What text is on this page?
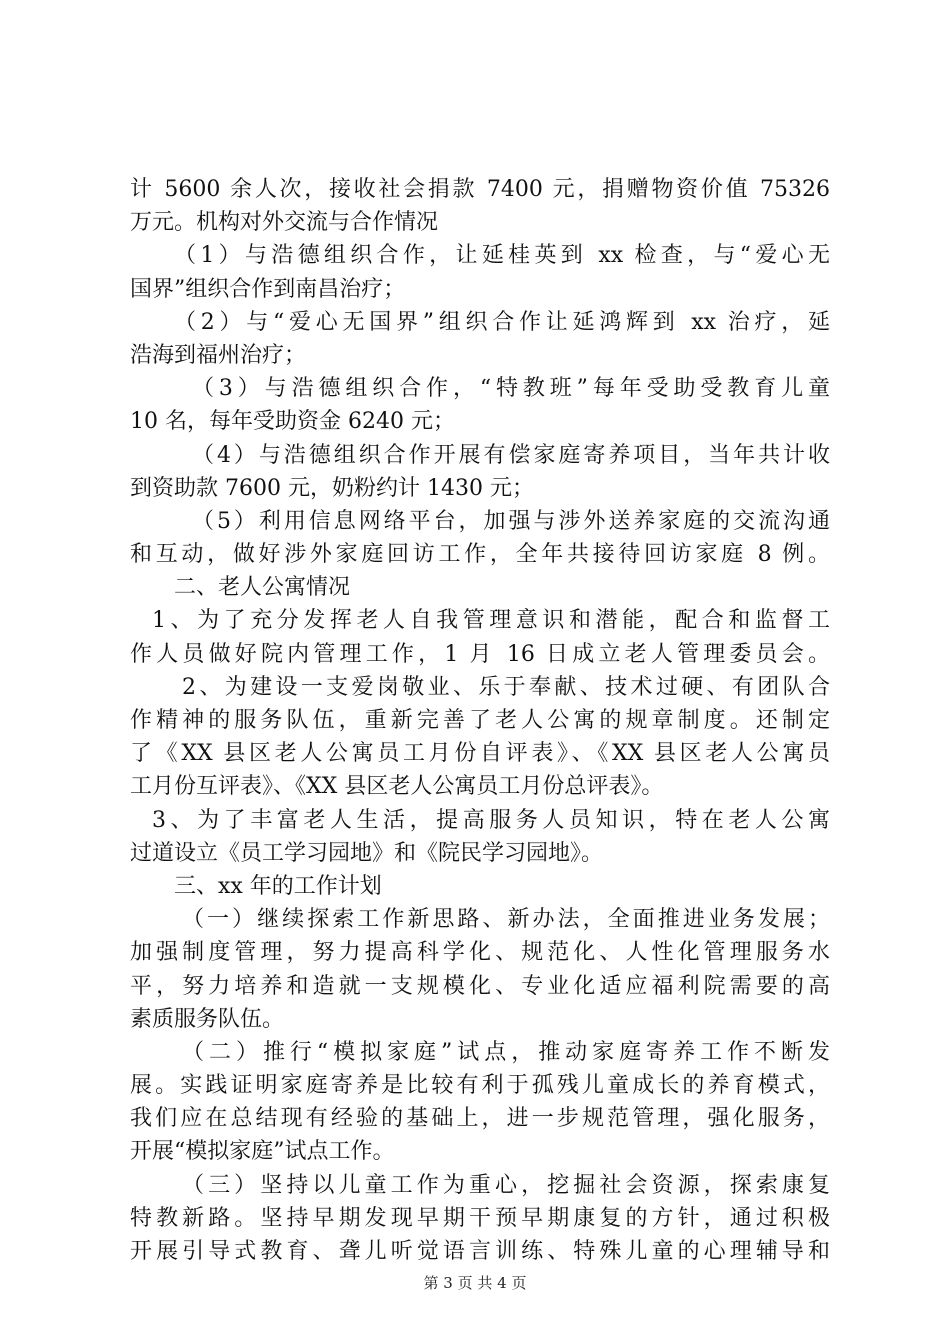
计 5600 余人次，接收社会捐款 7400 元，捐赠物资价值 75326

万元。机构对外交流与合作情况

（1）与浩德组织合作，让延桂英到 xx 检查，与“爱心无

国界”组织合作到南昌治疗；

（2）与“爱心无国界”组织合作让延鸿辉到 xx 治疗，延

浩海到福州治疗；

（3）与浩德组织合作，“特教班”每年受助受教育儿童

10 名，每年受助资金 6240 元；

（4）与浩德组织合作开展有偿家庭寄养项目，当年共计收

到资助款 7600 元，奶粉约计 1430 元；

（5）利用信息网络平台，加强与涉外送养家庭的交流沟通

和互动，做好涉外家庭回访工作，全年共接待回访家庭 8 例。

二、老人公寓情况

1、为了充分发挥老人自我管理意识和潜能，配合和监督工

作人员做好院内管理工作，1 月 16 日成立老人管理委员会。

2、为建设一支爱岗敬业、乐于奉献、技术过硬、有团队合

作精神的服务队伍，重新完善了老人公寓的规章制度。还制定

了《XX 县区老人公寓员工月份自评表》、《XX 县区老人公寓员

工月份互评表》、《XX 县区老人公寓员工月份总评表》。

3、为了丰富老人生活，提高服务人员知识，特在老人公寓

过道设立《员工学习园地》和《院民学习园地》。

三、xx 年的工作计划

（一）继续探索工作新思路、新办法，全面推进业务发展；

加强制度管理，努力提高科学化、规范化、人性化管理服务水

平，努力培养和造就一支规模化、专业化适应福利院需要的高

素质服务队伍。

（二）推行“模拟家庭”试点，推动家庭寄养工作不断发

展。实践证明家庭寄养是比较有利于孤残儿童成长的养育模式，

我们应在总结现有经验的基础上，进一步规范管理，强化服务，

开展“模拟家庭”试点工作。

（三）坚持以儿童工作为重心，挖掘社会资源，探索康复

特教新路。坚持早期发现早期干预早期康复的方针，通过积极

开展引导式教育、聋儿听觉语言训练、特殊儿童的心理辅导和

第 3 页 共 4 页
